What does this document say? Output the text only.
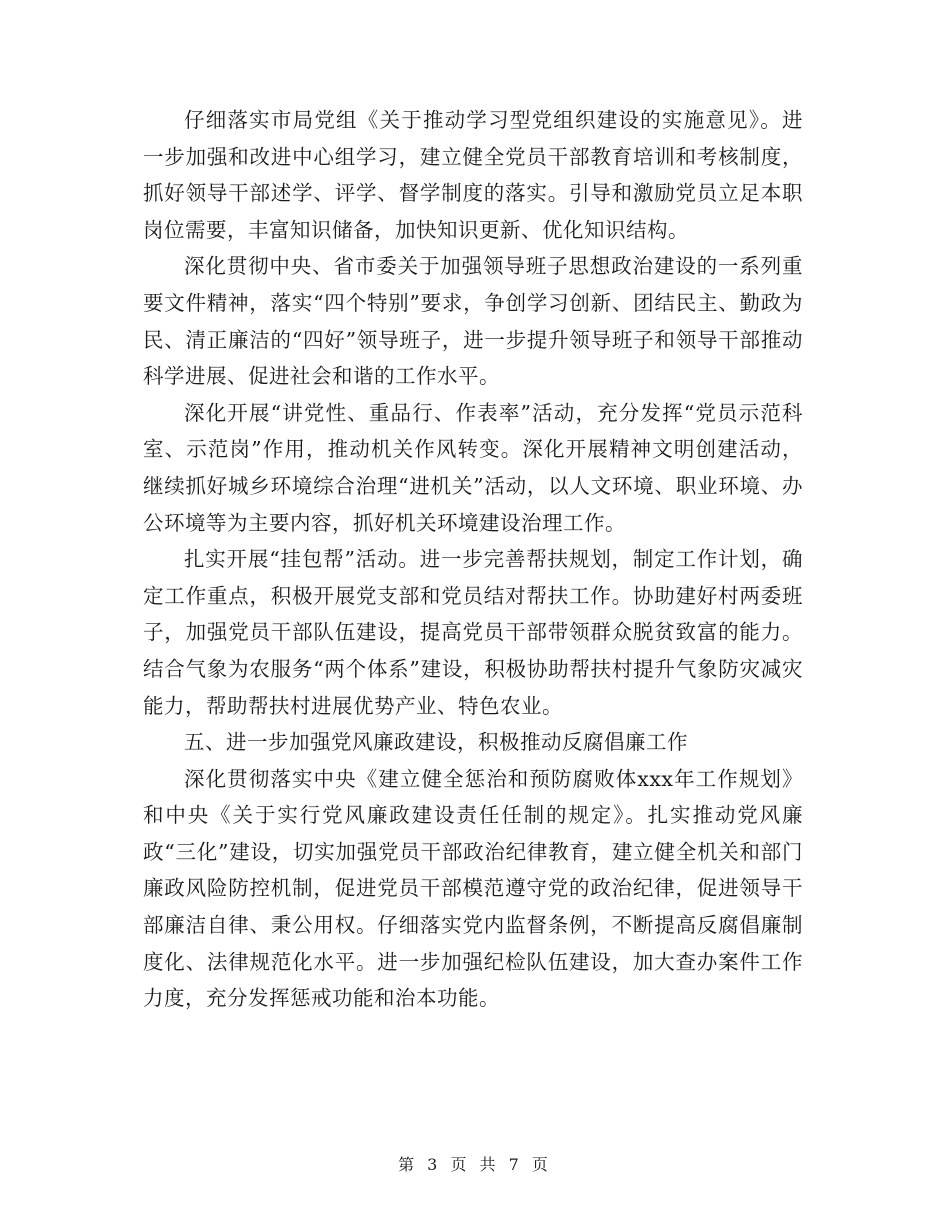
仔细落实市局党组《关于推动学习型党组织建设的实施意见》。进一步加强和改进中心组学习，建立健全党员干部教育培训和考核制度，抓好领导干部述学、评学、督学制度的落实。引导和激励党员立足本职岗位需要，丰富知识储备，加快知识更新、优化知识结构。

深化贯彻中央、省市委关于加强领导班子思想政治建设的一系列重要文件精神，落实“四个特别”要求，争创学习创新、团结民主、勤政为民、清正廉洁的“四好”领导班子，进一步提升领导班子和领导干部推动科学进展、促进社会和谐的工作水平。

深化开展“讲党性、重品行、作表率”活动，充分发挥“党员示范科室、示范岗”作用，推动机关作风转变。深化开展精神文明创建活动，继续抓好城乡环境综合治理“进机关”活动，以人文环境、职业环境、办公环境等为主要内容，抓好机关环境建设治理工作。

扎实开展“挂包帮”活动。进一步完善帮扶规划，制定工作计划，确定工作重点，积极开展党支部和党员结对帮扶工作。协助建好村两委班子，加强党员干部队伍建设，提高党员干部带领群众脱贫致富的能力。结合气象为农服务“两个体系”建设，积极协助帮扶村提升气象防灾减灾能力，帮助帮扶村进展优势产业、特色农业。

五、进一步加强党风廉政建设，积极推动反腐倡廉工作

深化贯彻落实中央《建立健全惩治和预防腐败体xxx年工作规划》和中央《关于实行党风廉政建设责任任制的规定》。扎实推动党风廉政“三化”建设，切实加强党员干部政治纪律教育，建立健全机关和部门廉政风险防控机制，促进党员干部模范遵守党的政治纪律，促进领导干部廉洁自律、秉公用权。仔细落实党内监督条例，不断提高反腐倡廉制度化、法律规范化水平。进一步加强纪检队伍建设，加大查办案件工作力度，充分发挥惩戒功能和治本功能。

第 3 页 共 7 页
